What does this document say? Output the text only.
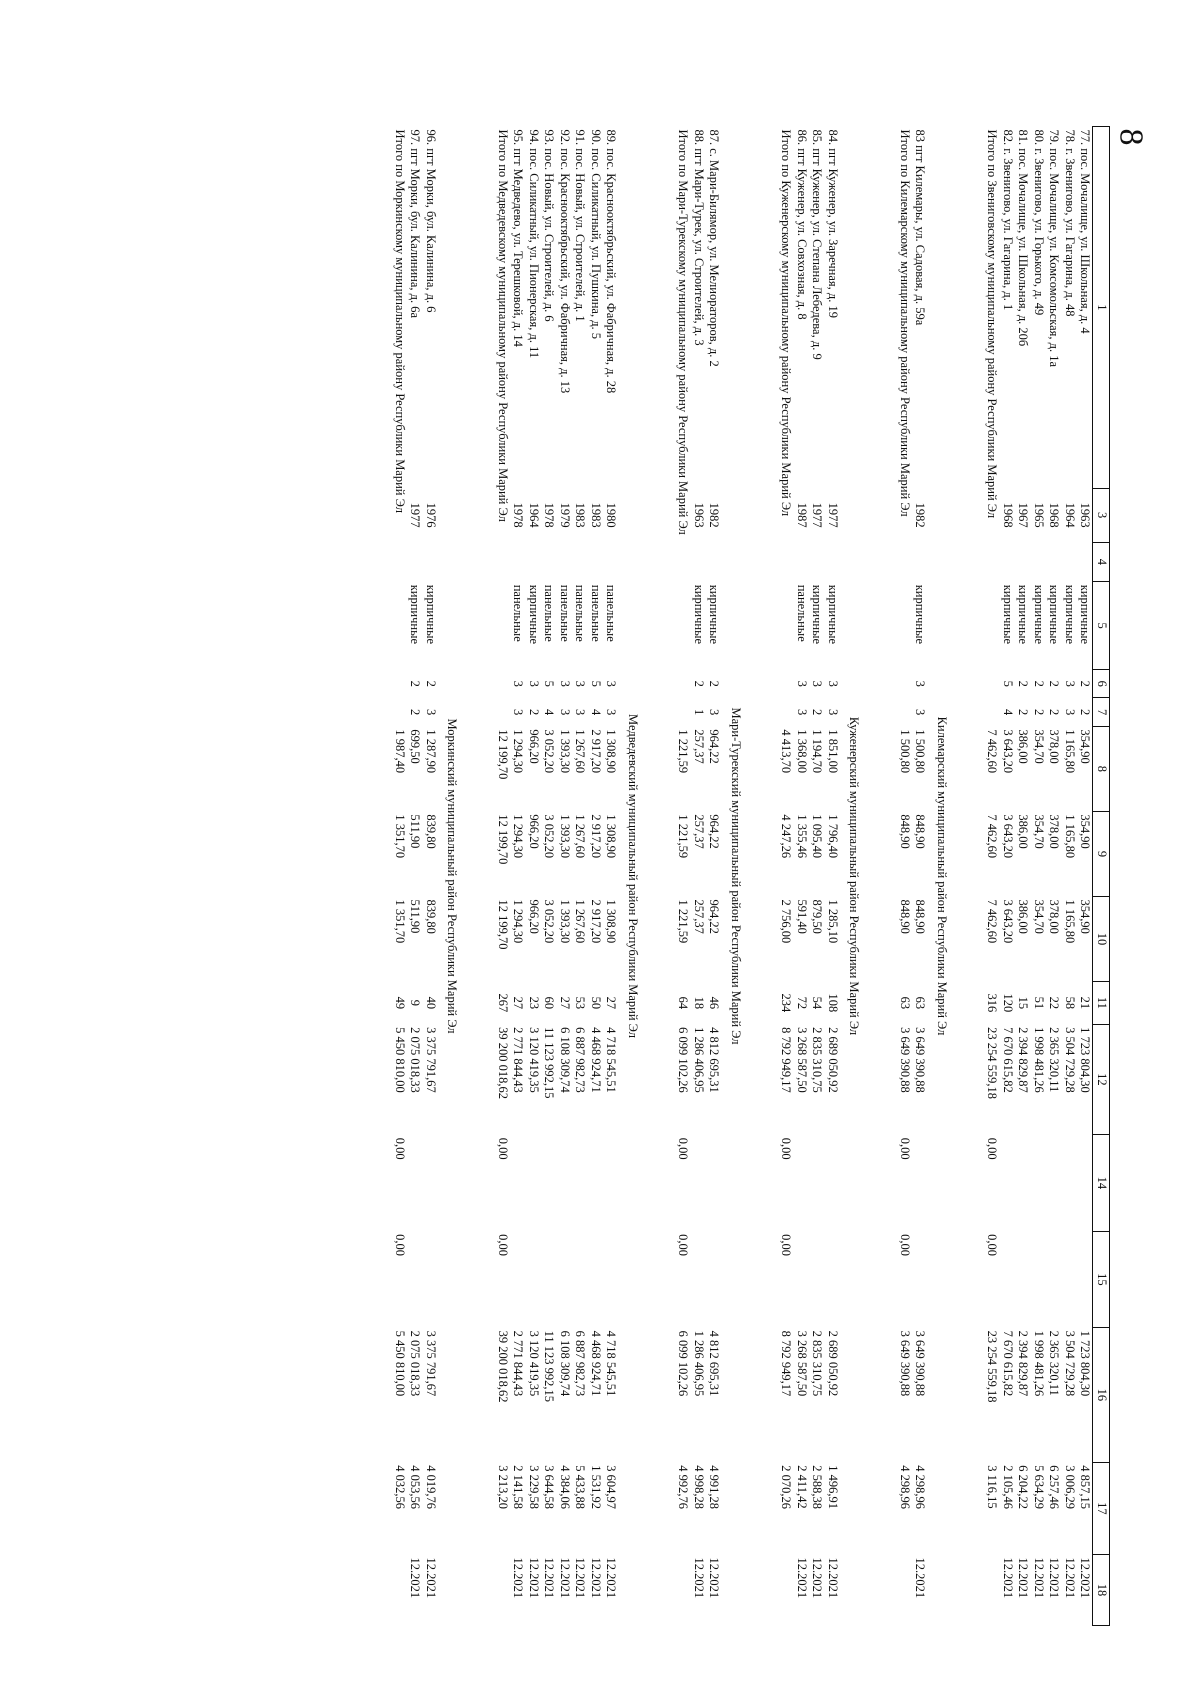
8
1		3	4	5	6	7	8	9	10	11	12		14	15	16	17	18
77. пос. Мочалище, ул. Школьная, д. 4	1963		кирпичные	2	2	354,90	354,90	354,90	21	1 723 804,30				1 723 804,30	4 857,15	12.2021
78. г. Звенигово, ул. Гагарина, д. 48	1964		кирпичные	3	3	1 165,80	1 165,80	1 165,80	58	3 504 729,28				3 504 729,28	3 006,29	12.2021
79. пос. Мочалище, ул. Комсомольская, д. 1а	1968		кирпичные	2	2	378,00	378,00	378,00	22	2 365 320,11				2 365 320,11	6 257,46	12.2021
80. г. Звенигово, ул. Горького, д. 49	1965		кирпичные	2	2	354,70	354,70	354,70	51	1 998 481,26				1 998 481,26	5 634,29	12.2021
81. пос. Мочалище, ул. Школьная, д. 20б	1967		кирпичные	2	2	386,00	386,00	386,00	15	2 394 829,87				2 394 829,87	6 204,22	12.2021
82. г. Звенигово, ул. Гагарина, д. 1	1968		кирпичные	5	4	3 643,20	3 643,20	3 643,20	120	7 670 615,82				7 670 615,82	2 105,46	12.2021
Итого по Звениговскому муниципальному району Республики Марий Эл						7 462,60	7 462,60	7 462,60	316	23 254 559,18		0,00	0,00	23 254 559,18	3 116,15	

Килемарский муниципальный район Республики Марий Эл															
83 пгт Килемары, ул. Садовая, д. 59а	1982		кирпичные	3	3	1 500,80	848,90	848,90	63	3 649 390,88				3 649 390,88	4 298,96	12.2021
Итого по Килемарскому муниципальному району Республики Марий Эл						1 500,80	848,90	848,90	63	3 649 390,88		0,00	0,00	3 649 390,88	4 298,96	

Куженерский муниципальный район Республики Марий Эл															
84. пгт Куженер, ул. Заречная, д. 19	1977		кирпичные	3	3	1 851,00	1 796,40	1 285,10	108	2 689 050,92				2 689 050,92	1 496,91	12.2021
85. пгт Куженер, ул. Степана Лебедева, д. 9	1977		кирпичные	3	2	1 194,70	1 095,40	879,50	54	2 835 310,75				2 835 310,75	2 588,38	12.2021
86. пгт Куженер, ул. Совхозная, д. 8	1987		панельные	3	3	1 368,00	1 355,46	591,40	72	3 268 587,50				3 268 587,50	2 411,42	12.2021
Итого по Куженерскому муниципальному району Республики Марий Эл						4 413,70	4 247,26	2 756,00	234	8 792 949,17		0,00	0,00	8 792 949,17	2 070,26	

Мари-Турекский муниципальный район Республики Марий Эл															
87. с. Мари-Билямор, ул. Мелиораторов, д. 2	1982		кирпичные	2	3	964,22	964,22	964,22	46	4 812 695,31				4 812 695,31	4 991,28	12.2021
88. пгт Мари-Турек, ул. Строителей, д. 3	1963		кирпичные	2	1	257,37	257,37	257,37	18	1 286 406,95				1 286 406,95	4 998,28	12.2021
Итого по Мари-Турекскому муниципальному району Республики Марий Эл						1 221,59	1 221,59	1 221,59	64	6 099 102,26		0,00	0,00	6 099 102,26	4 992,76	

Медведевский муниципальный район Республики Марий Эл															
89. пос. Краснооктябрьский, ул. Фабричная, д. 28	1980		панельные	3	3	1 308,90	1 308,90	1 308,90	27	4 718 545,51				4 718 545,51	3 604,97	12.2021
90. пос. Силикатный, ул. Пушкина, д. 5	1983		панельные	5	4	2 917,20	2 917,20	2 917,20	50	4 468 924,71				4 468 924,71	1 531,92	12.2021
91. пос. Новый, ул. Строителей, д. 1	1983		панельные	3	3	1 267,60	1 267,60	1 267,60	53	6 887 982,73				6 887 982,73	5 433,88	12.2021
92. пос. Краснооктябрьский, ул. Фабричная, д. 13	1979		панельные	3	3	1 393,30	1 393,30	1 393,30	27	6 108 309,74				6 108 309,74	4 384,06	12.2021
93. пос. Новый, ул. Строителей, д. 6	1978		панельные	5	4	3 052,20	3 052,20	3 052,20	60	11 123 992,15				11 123 992,15	3 644,58	12.2021
94. пос. Силикатный, ул. Пионерская, д. 11	1964		кирпичные	3	2	966,20	966,20	966,20	23	3 120 419,35				3 120 419,35	3 229,58	12.2021
95. пгт Медведево, ул. Терешковой, д. 14	1978		панельные	3	3	1 294,30	1 294,30	1 294,30	27	2 771 844,43				2 771 844,43	2 141,58	12.2021
Итого по Медведевскому муниципальному району Республики Марий Эл						12 199,70	12 199,70	12 199,70	267	39 200 018,62		0,00	0,00	39 200 018,62	3 213,20	

Моркинский муниципальный район Республики Марий Эл															
96. пгт Морки, бул. Калинина, д. 6	1976		кирпичные	2	3	1 287,90	839,80	839,80	40	3 375 791,67				3 375 791,67	4 019,76	12.2021
97. пгт Морки, бул. Калинина, д. 6а	1977		кирпичные	2	2	699,50	511,90	511,90	9	2 075 018,33				2 075 018,33	4 053,56	12.2021
Итого по Моркинскому муниципальному району Республики Марий Эл						1 987,40	1 351,70	1 351,70	49	5 450 810,00		0,00	0,00	5 450 810,00	4 032,56	
